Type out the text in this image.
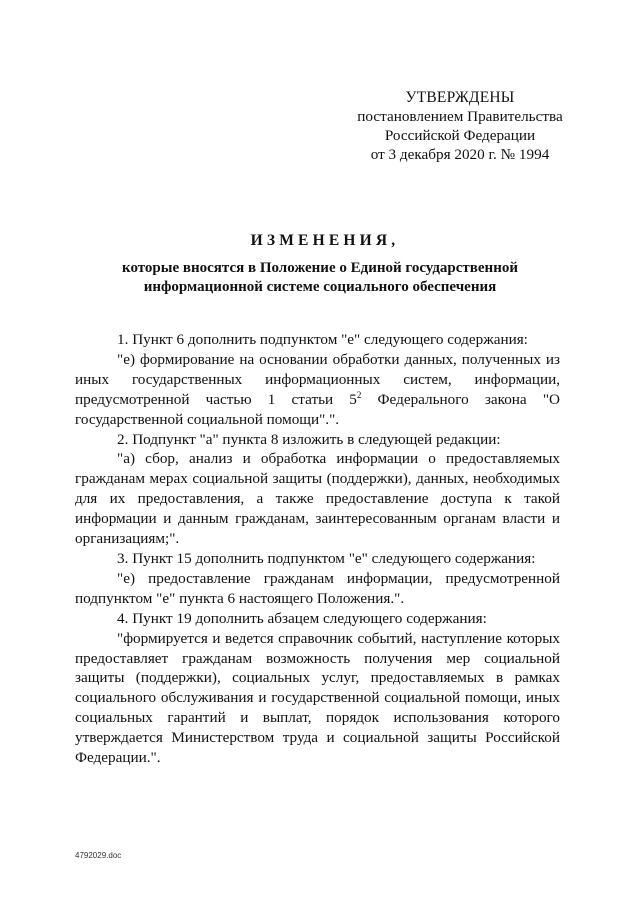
УТВЕРЖДЕНЫ
постановлением Правительства
Российской Федерации
от 3 декабря 2020 г. № 1994
ИЗМЕНЕНИЯ,
которые вносятся в Положение о Единой государственной информационной системе социального обеспечения

1. Пункт 6 дополнить подпунктом "е" следующего содержания:

"е) формирование на основании обработки данных, полученных из иных государственных информационных систем, информации, предусмотренной частью 1 статьи $5^2$ Федерального закона "О государственной социальной помощи".".

2. Подпункт "а" пункта 8 изложить в следующей редакции:

"а) сбор, анализ и обработка информации о предоставляемых гражданам мерах социальной защиты (поддержки), данных, необходимых для их предоставления, а также предоставление доступа к такой информации и данным гражданам, заинтересованным органам власти и организациям;".

3. Пункт 15 дополнить подпунктом "е" следующего содержания:

"е) предоставление гражданам информации, предусмотренной подпунктом "е" пункта 6 настоящего Положения.".

4. Пункт 19 дополнить абзацем следующего содержания:

"формируется и ведется справочник событий, наступление которых предоставляет гражданам возможность получения мер социальной защиты (поддержки), социальных услуг, предоставляемых в рамках социального обслуживания и государственной социальной помощи, иных социальных гарантий и выплат, порядок использования которого утверждается Министерством труда и социальной защиты Российской Федерации.".

4792029.doc
